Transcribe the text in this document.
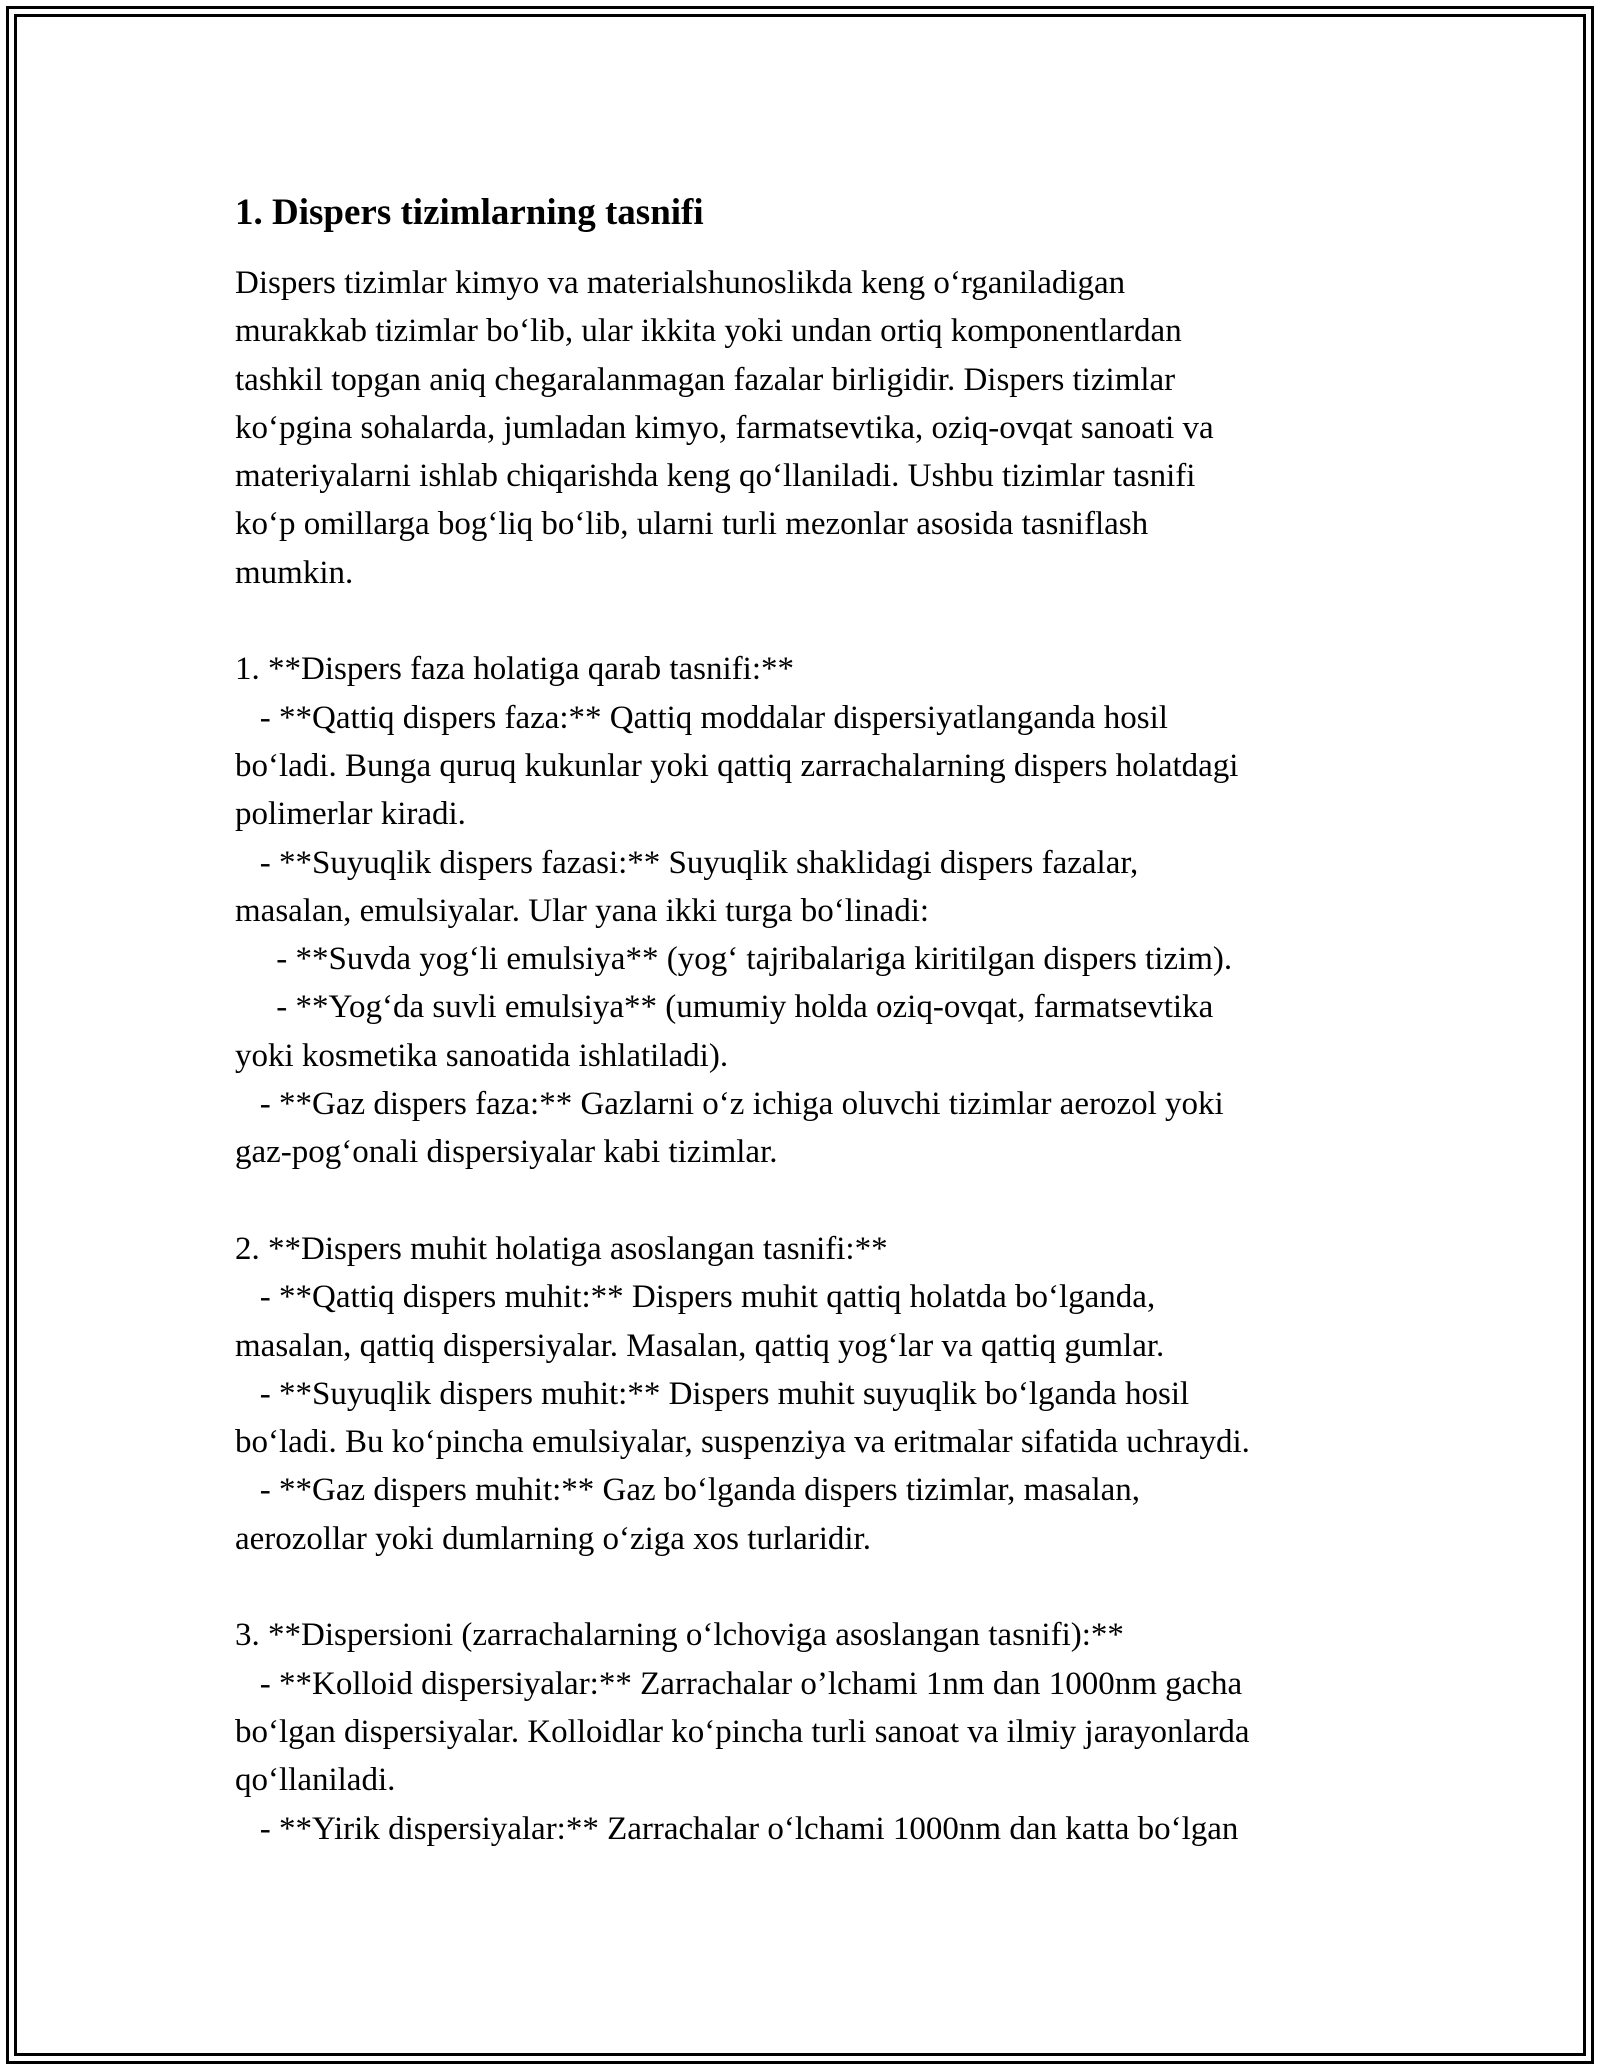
1. Dispers tizimlarning tasnifi
Dispers tizimlar kimyo va materialshunoslikda keng o‘rganiladigan
murakkab tizimlar bo‘lib, ular ikkita yoki undan ortiq komponentlardan
tashkil topgan aniq chegaralanmagan fazalar birligidir. Dispers tizimlar
ko‘pgina sohalarda, jumladan kimyo, farmatsevtika, oziq-ovqat sanoati va
materiyalarni ishlab chiqarishda keng qo‘llaniladi. Ushbu tizimlar tasnifi
ko‘p omillarga bog‘liq bo‘lib, ularni turli mezonlar asosida tasniflash
mumkin.
1. **Dispers faza holatiga qarab tasnifi:**
- **Qattiq dispers faza:** Qattiq moddalar dispersiyatlanganda hosil
bo‘ladi. Bunga quruq kukunlar yoki qattiq zarrachalarning dispers holatdagi
polimerlar kiradi.
- **Suyuqlik dispers fazasi:** Suyuqlik shaklidagi dispers fazalar,
masalan, emulsiyalar. Ular yana ikki turga bo‘linadi:
- **Suvda yog‘li emulsiya** (yog‘ tajribalariga kiritilgan dispers tizim).
- **Yog‘da suvli emulsiya** (umumiy holda oziq-ovqat, farmatsevtika
yoki kosmetika sanoatida ishlatiladi).
- **Gaz dispers faza:** Gazlarni o‘z ichiga oluvchi tizimlar aerozol yoki
gaz-pog‘onali dispersiyalar kabi tizimlar.
2. **Dispers muhit holatiga asoslangan tasnifi:**
- **Qattiq dispers muhit:** Dispers muhit qattiq holatda bo‘lganda,
masalan, qattiq dispersiyalar. Masalan, qattiq yog‘lar va qattiq gumlar.
- **Suyuqlik dispers muhit:** Dispers muhit suyuqlik bo‘lganda hosil
bo‘ladi. Bu ko‘pincha emulsiyalar, suspenziya va eritmalar sifatida uchraydi.
- **Gaz dispers muhit:** Gaz bo‘lganda dispers tizimlar, masalan,
aerozollar yoki dumlarning o‘ziga xos turlaridir.
3. **Dispersioni (zarrachalarning o‘lchoviga asoslangan tasnifi):**
- **Kolloid dispersiyalar:** Zarrachalar o’lchami 1nm dan 1000nm gacha
bo‘lgan dispersiyalar. Kolloidlar ko‘pincha turli sanoat va ilmiy jarayonlarda
qo‘llaniladi.
- **Yirik dispersiyalar:** Zarrachalar o‘lchami 1000nm dan katta bo‘lgan
